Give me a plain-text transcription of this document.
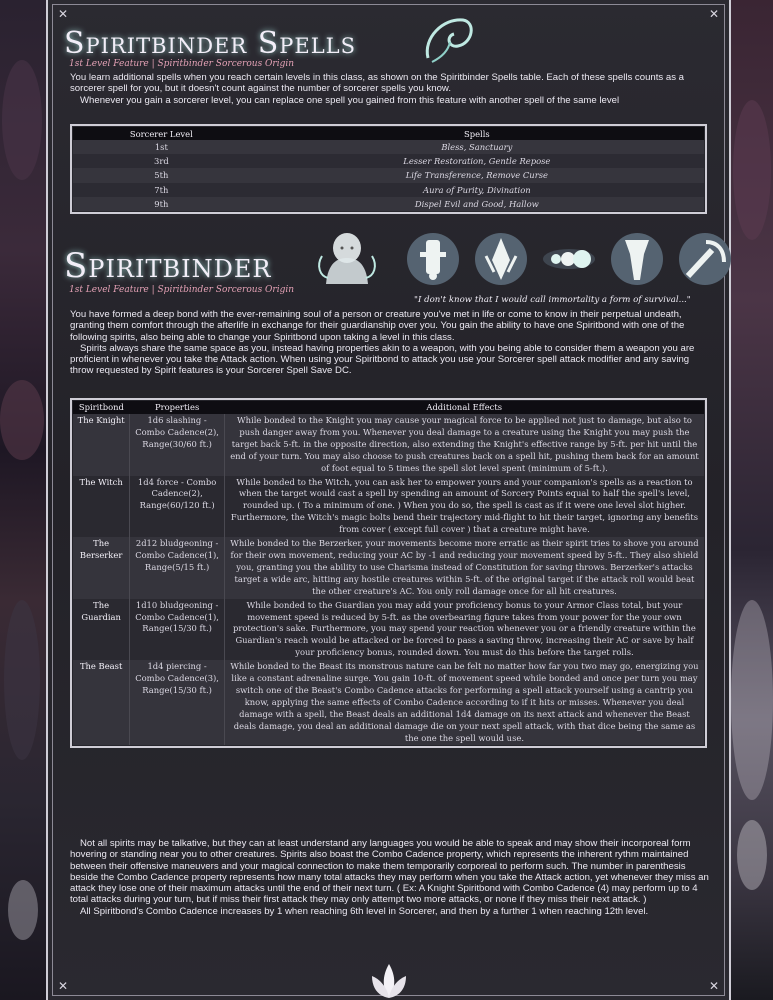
✕	✕
✕	✕
Spiritbinder Spells
1st Level Feature | Spiritbinder Sorcerous Origin

You learn additional spells when you reach certain levels in this class, as shown on the Spiritbinder Spells table. Each of these spells counts as a sorcerer spell for you, but it doesn't count against the number of sorcerer spells you know.

Whenever you gain a sorcerer level, you can replace one spell you gained from this feature with another spell of the same level

Sorcerer Level	Spells
1st	Bless, Sanctuary
3rd	Lesser Restoration, Gentle Repose
5th	Life Transference, Remove Curse
7th	Aura of Purity, Divination
9th	Dispel Evil and Good, Hallow
Spiritbinder
1st Level Feature | Spiritbinder Sorcerous Origin
"I don't know that I would call immortality a form of survival..."

You have formed a deep bond with the ever-remaining soul of a person or creature you've met in life or come to know in their perpetual undeath, granting them comfort through the afterlife in exchange for their guardianship over you. You gain the ability to have one Spiritbond with one of the following spirits, also being able to change your Spiritbond upon taking a level in this class.

Spirits always share the same space as you, instead having properties akin to a weapon, with you being able to consider them a weapon you are proficient in whenever you take the Attack action. When using your Spiritbond to attack you use your Sorcerer spell attack modifier and any saving throw requested by Spirit features is your Sorcerer Spell Save DC.

Spiritbond	Properties	Additional Effects
The Knight	1d6 slashing - Combo Cadence(2), Range(30/60 ft.)	While bonded to the Knight you may cause your magical force to be applied not just to damage, but also to push danger away from you. Whenever you deal damage to a creature using the Knight you may push the target back 5-ft. in the opposite direction, also extending the Knight's effective range by 5-ft. per hit until the end of your turn. You may also choose to push creatures back on a spell hit, pushing them back for an amount of foot equal to 5 times the spell slot level spent (minimum of 5-ft.).
The Witch	1d4 force - Combo Cadence(2), Range(60/120 ft.)	While bonded to the Witch, you can ask her to empower yours and your companion's spells as a reaction to when the target would cast a spell by spending an amount of Sorcery Points equal to half the spell's level, rounded up. ( To a minimum of one. ) When you do so, the spell is cast as if it were one level slot higher. Furthermore, the Witch's magic bolts bend their trajectory mid-flight to hit their target, ignoring any benefits from cover ( except full cover ) that a creature might have.
The Berserker	2d12 bludgeoning - Combo Cadence(1), Range(5/15 ft.)	While bonded to the Berzerker, your movements become more erratic as their spirit tries to shove you around for their own movement, reducing your AC by -1 and reducing your movement speed by 5-ft.. They also shield you, granting you the ability to use Charisma instead of Constitution for saving throws. Berzerker's attacks target a wide arc, hitting any hostile creatures within 5-ft. of the original target if the attack roll would beat the other creature's AC. You only roll damage once for all hit creatures.
The Guardian	1d10 bludgeoning - Combo Cadence(1), Range(15/30 ft.)	While bonded to the Guardian you may add your proficiency bonus to your Armor Class total, but your movement speed is reduced by 5-ft. as the overbearing figure takes from your power for the your own protection's sake. Furthermore, you may spend your reaction whenever you or a friendly creature within the Guardian's reach would be attacked or be forced to pass a saving throw, increasing their AC or save by half your proficiency bonus, rounded down. You must do this before the target rolls.
The Beast	1d4 piercing - Combo Cadence(3), Range(15/30 ft.)	While bonded to the Beast its monstrous nature can be felt no matter how far you two may go, energizing you like a constant adrenaline surge. You gain 10-ft. of movement speed while bonded and once per turn you may switch one of the Beast's Combo Cadence attacks for performing a spell attack yourself using a cantrip you know, applying the same effects of Combo Cadence according to if it hits or misses. Whenever you deal damage with a spell, the Beast deals an additional 1d4 damage on its next attack and whenever the Beast deals damage, you deal an additional damage die on your next spell attack, with that dice being the same as the one the spell would use.

Not all spirits may be talkative, but they can at least understand any languages you would be able to speak and may show their incorporeal form hovering or standing near you to other creatures. Spirits also boast the Combo Cadence property, which represents the inherent rythm maintained between their offensive maneuvers and your magical connection to make them temporarily corporeal to perform such. The number in parenthesis beside the Combo Cadence property represents how many total attacks they may perform when you take the Attack action, yet whenever they miss an attack they lose one of their maximum attacks until the end of their next turn. ( Ex: A Knight Spiritbond with Combo Cadence (4) may perform up to 4 total attacks during your turn, but if miss their first attack they may only attempt two more attacks, or none if they miss their next attack. )

All Spiritbond's Combo Cadence increases by 1 when reaching 6th level in Sorcerer, and then by a further 1 when reaching 12th level.
